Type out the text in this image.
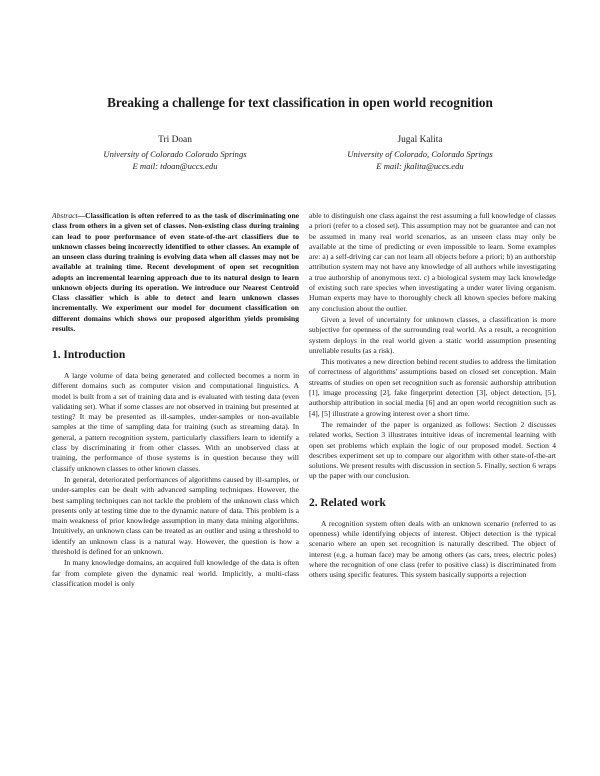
Breaking a challenge for text classification in open world recognition
Tri Doan
University of Colorado Colorado Springs
E mail: tdoan@uccs.edu
Jugal Kalita
University of Colorado, Colorado Springs
E mail: jkalita@uccs.edu

Abstract—Classification is often referred to as the task of discriminating one class from others in a given set of classes. Non-existing class during training can lead to poor performance of even state-of-the-art classifiers due to unknown classes being incorrectly identified to other classes. An example of an unseen class during training is evolving data when all classes may not be available at training time. Recent development of open set recognition adopts an incremental learning approach due to its natural design to learn unknown objects during its operation. We introduce our Nearest Centroid Class classifier which is able to detect and learn unknown classes incrementally. We experiment our model for document classification on different domains which shows our proposed algorithm yields promising results.

1. Introduction

A large volume of data being generated and collected becomes a norm in different domains such as computer vision and computational linguistics. A model is built from a set of training data and is evaluated with testing data (even validating set). What if some classes are not observed in training but presented at testing? It may be presented as ill-samples, under-samples or non-available samples at the time of sampling data for training (such as streaming data). In general, a pattern recognition system, particularly classifiers learn to identify a class by discriminating it from other classes. With an unobserved class at training, the performance of those systems is in question because they will classify unknown classes to other known classes.

In general, deteriorated performances of algorithms caused by ill-samples, or under-samples can be dealt with advanced sampling techniques. However, the best sampling techniques can not tackle the problem of the unknown class which presents only at testing time due to the dynamic nature of data. This problem is a main weakness of prior knowledge assumption in many data mining algorithms. Intuitively, an unknown class can be treated as an outlier and using a threshold to identify an unknown class is a natural way. However, the question is how a threshold is defined for an unknown.

In many knowledge domains, an acquired full knowledge of the data is often far from complete given the dynamic real world. Implicitly, a multi-class classification model is only

able to distinguish one class against the rest assuming a full knowledge of classes a priori (refer to a closed set). This assumption may not be guarantee and can not be assumed in many real world scenarios, as an unseen class may only be available at the time of predicting or even impossible to learn. Some examples are: a) a self-driving car can not learn all objects before a priori; b) an authorship attribution system may not have any knowledge of all authors while investigating a true authorship of anonymous text. c) a biological system may lack knowledge of existing such rare species when investigating a under water living organism. Human experts may have to thoroughly check all known species before making any conclusion about the outlier.

Given a level of uncertainty for unknown classes, a classification is more subjective for openness of the surrounding real world. As a result, a recognition system deploys in the real world given a static world assumption presenting unreliable results (as a risk).

This motivates a new direction behind recent studies to address the limitation of correctness of algorithms' assumptions based on closed set conception. Main streams of studies on open set recognition such as forensic authorship attribution [1], image processing [2], fake fingerprint detection [3], object detection, [5], authorship attribution in social media [6] and an open world recognition such as [4], [5] illustrate a growing interest over a short time.

The remainder of the paper is organized as follows: Section 2 discusses related works, Section 3 illustrates intuitive ideas of incremental learning with open set problems which explain the logic of our proposed model. Section 4 describes experiment set up to compare our algorithm with other state-of-the-art solutions. We present results with discussion in section 5. Finally, section 6 wraps up the paper with our conclusion.

2. Related work

A recognition system often deals with an unknown scenario (referred to as openness) while identifying objects of interest. Object detection is the typical scenario where an open set recognition is naturally described. The object of interest (e.g. a human face) may be among others (as cars, trees, electric poles) where the recognition of one class (refer to positive class) is discriminated from others using specific features. This system basically supports a rejection
